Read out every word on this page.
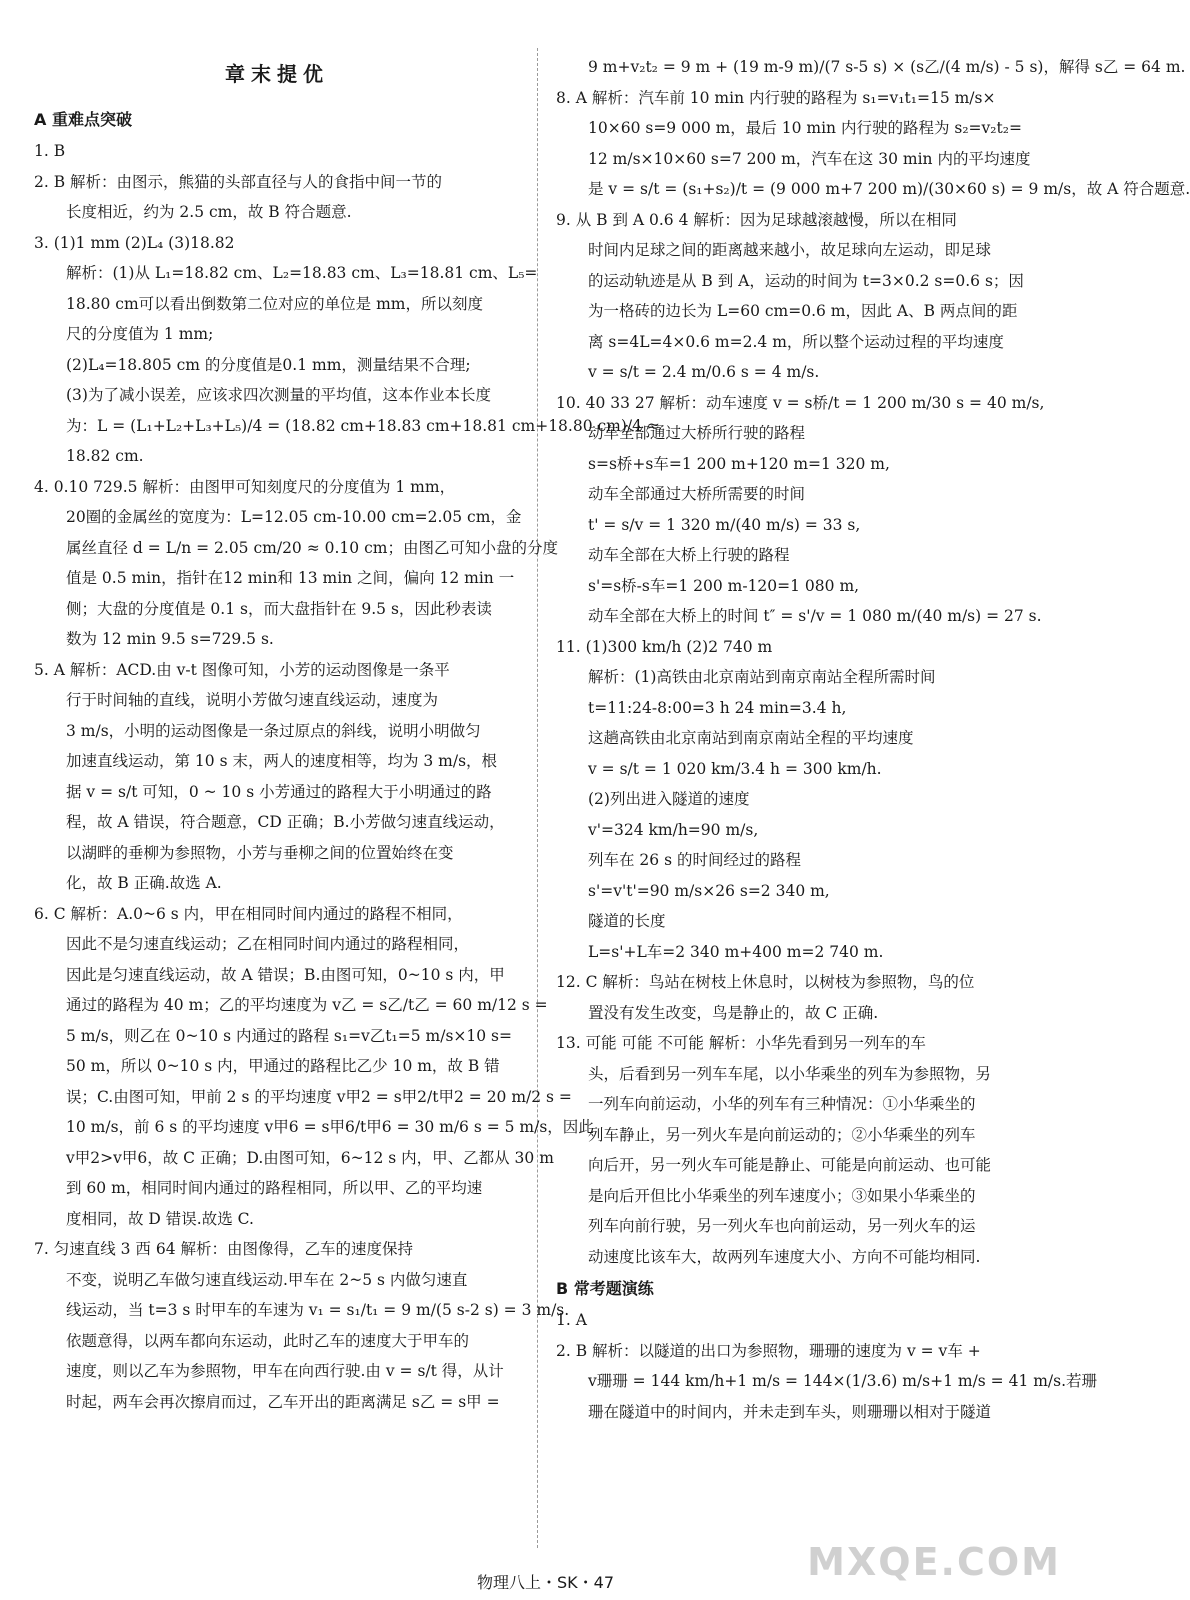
章末提优
A 重难点突破
1. B
2. B 解析：由图示，熊猫的头部直径与人的食指中间一节的
长度相近，约为 2.5 cm，故 B 符合题意.
3. (1)1 mm (2)L₄ (3)18.82
解析：(1)从 L₁=18.82 cm、L₂=18.83 cm、L₃=18.81 cm、L₅=
18.80 cm可以看出倒数第二位对应的单位是 mm，所以刻度
尺的分度值为 1 mm;
(2)L₄=18.805 cm 的分度值是0.1 mm，测量结果不合理;
(3)为了减小误差，应该求四次测量的平均值，这本作业本长度
为：L = (L₁+L₂+L₃+L₅)/4 = (18.82 cm+18.83 cm+18.81 cm+18.80 cm)/4 ≈
18.82 cm.
4. 0.10 729.5 解析：由图甲可知刻度尺的分度值为 1 mm，
20圈的金属丝的宽度为：L=12.05 cm-10.00 cm=2.05 cm，金
属丝直径 d = L/n = 2.05 cm/20 ≈ 0.10 cm；由图乙可知小盘的分度
值是 0.5 min，指针在12 min和 13 min 之间，偏向 12 min 一
侧；大盘的分度值是 0.1 s，而大盘指针在 9.5 s，因此秒表读
数为 12 min 9.5 s=729.5 s.
5. A 解析：ACD.由 v-t 图像可知，小芳的运动图像是一条平
行于时间轴的直线，说明小芳做匀速直线运动，速度为
3 m/s，小明的运动图像是一条过原点的斜线，说明小明做匀
加速直线运动，第 10 s 末，两人的速度相等，均为 3 m/s，根
据 v = s/t 可知，0 ~ 10 s 小芳通过的路程大于小明通过的路
程，故 A 错误，符合题意，CD 正确；B.小芳做匀速直线运动，
以湖畔的垂柳为参照物，小芳与垂柳之间的位置始终在变
化，故 B 正确.故选 A.
6. C 解析：A.0~6 s 内，甲在相同时间内通过的路程不相同，
因此不是匀速直线运动；乙在相同时间内通过的路程相同，
因此是匀速直线运动，故 A 错误；B.由图可知，0~10 s 内，甲
通过的路程为 40 m；乙的平均速度为 v乙 = s乙/t乙 = 60 m/12 s =
5 m/s，则乙在 0~10 s 内通过的路程 s₁=v乙t₁=5 m/s×10 s=
50 m，所以 0~10 s 内，甲通过的路程比乙少 10 m，故 B 错
误；C.由图可知，甲前 2 s 的平均速度 v甲2 = s甲2/t甲2 = 20 m/2 s =
10 m/s，前 6 s 的平均速度 v甲6 = s甲6/t甲6 = 30 m/6 s = 5 m/s，因此
v甲2>v甲6，故 C 正确；D.由图可知，6~12 s 内，甲、乙都从 30 m
到 60 m，相同时间内通过的路程相同，所以甲、乙的平均速
度相同，故 D 错误.故选 C.
7. 匀速直线 3 西 64 解析：由图像得，乙车的速度保持
不变，说明乙车做匀速直线运动.甲车在 2~5 s 内做匀速直
线运动，当 t=3 s 时甲车的车速为 v₁ = s₁/t₁ = 9 m/(5 s-2 s) = 3 m/s.
依题意得，以两车都向东运动，此时乙车的速度大于甲车的
速度，则以乙车为参照物，甲车在向西行驶.由 v = s/t 得，从计
时起，两车会再次擦肩而过，乙车开出的距离满足 s乙 = s甲 =
9 m+v₂t₂ = 9 m + (19 m-9 m)/(7 s-5 s) × (s乙/(4 m/s) - 5 s)，解得 s乙 = 64 m.
8. A 解析：汽车前 10 min 内行驶的路程为 s₁=v₁t₁=15 m/s×
10×60 s=9 000 m，最后 10 min 内行驶的路程为 s₂=v₂t₂=
12 m/s×10×60 s=7 200 m，汽车在这 30 min 内的平均速度
是 v = s/t = (s₁+s₂)/t = (9 000 m+7 200 m)/(30×60 s) = 9 m/s，故 A 符合题意.
9. 从 B 到 A 0.6 4 解析：因为足球越滚越慢，所以在相同
时间内足球之间的距离越来越小，故足球向左运动，即足球
的运动轨迹是从 B 到 A，运动的时间为 t=3×0.2 s=0.6 s；因
为一格砖的边长为 L=60 cm=0.6 m，因此 A、B 两点间的距
离 s=4L=4×0.6 m=2.4 m，所以整个运动过程的平均速度
v = s/t = 2.4 m/0.6 s = 4 m/s.
10. 40 33 27 解析：动车速度 v = s桥/t = 1 200 m/30 s = 40 m/s,
动车全部通过大桥所行驶的路程
s=s桥+s车=1 200 m+120 m=1 320 m,
动车全部通过大桥所需要的时间
t' = s/v = 1 320 m/(40 m/s) = 33 s,
动车全部在大桥上行驶的路程
s'=s桥-s车=1 200 m-120=1 080 m,
动车全部在大桥上的时间 t″ = s'/v = 1 080 m/(40 m/s) = 27 s.
11. (1)300 km/h (2)2 740 m
解析：(1)高铁由北京南站到南京南站全程所需时间
t=11:24-8:00=3 h 24 min=3.4 h,
这趟高铁由北京南站到南京南站全程的平均速度
v = s/t = 1 020 km/3.4 h = 300 km/h.
(2)列出进入隧道的速度
v'=324 km/h=90 m/s,
列车在 26 s 的时间经过的路程
s'=v't'=90 m/s×26 s=2 340 m,
隧道的长度
L=s'+L车=2 340 m+400 m=2 740 m.
12. C 解析：鸟站在树枝上休息时，以树枝为参照物，鸟的位
置没有发生改变，鸟是静止的，故 C 正确.
13. 可能 可能 不可能 解析：小华先看到另一列车的车
头，后看到另一列车车尾，以小华乘坐的列车为参照物，另
一列车向前运动，小华的列车有三种情况：①小华乘坐的
列车静止，另一列火车是向前运动的；②小华乘坐的列车
向后开，另一列火车可能是静止、可能是向前运动、也可能
是向后开但比小华乘坐的列车速度小；③如果小华乘坐的
列车向前行驶，另一列火车也向前运动，另一列火车的运
动速度比该车大，故两列车速度大小、方向不可能均相同.
B 常考题演练
1. A
2. B 解析：以隧道的出口为参照物，珊珊的速度为 v = v车 +
v珊珊 = 144 km/h+1 m/s = 144×(1/3.6) m/s+1 m/s = 41 m/s.若珊
珊在隧道中的时间内，并未走到车头，则珊珊以相对于隧道
物理八上・SK・47	MXQE.COM
